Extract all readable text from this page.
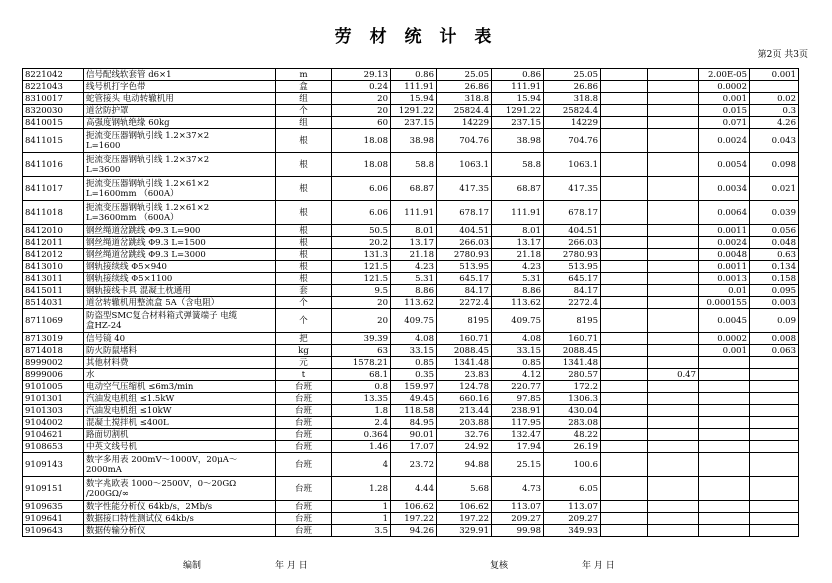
劳 材 统 计 表
第2页 共3页
8221042	信号配线软套管 d6×1	m	29.13	0.86	25.05	0.86	25.05			2.00E-05	0.001
8221043	线号机打字色带	盒	0.24	111.91	26.86	111.91	26.86			0.0002	
8310017	蛇管接头 电动转辙机用	组	20	15.94	318.8	15.94	318.8			0.001	0.02
8320030	道岔防护罩	个	20	1291.22	25824.4	1291.22	25824.4			0.015	0.3
8410015	高强度钢轨绝缘 60kg	组	60	237.15	14229	237.15	14229			0.071	4.26
8411015	扼流变压器钢轨引线 1.2×37×2
L=1600	根	18.08	38.98	704.76	38.98	704.76			0.0024	0.043
8411016	扼流变压器钢轨引线 1.2×37×2
L=3600	根	18.08	58.8	1063.1	58.8	1063.1			0.0054	0.098
8411017	扼流变压器钢轨引线 1.2×61×2
L=1600mm （600A）	根	6.06	68.87	417.35	68.87	417.35			0.0034	0.021
8411018	扼流变压器钢轨引线 1.2×61×2
L=3600mm （600A）	根	6.06	111.91	678.17	111.91	678.17			0.0064	0.039
8412010	钢丝绳道岔跳线 Φ9.3 L=900	根	50.5	8.01	404.51	8.01	404.51			0.0011	0.056
8412011	钢丝绳道岔跳线 Φ9.3 L=1500	根	20.2	13.17	266.03	13.17	266.03			0.0024	0.048
8412012	钢丝绳道岔跳线 Φ9.3 L=3000	根	131.3	21.18	2780.93	21.18	2780.93			0.0048	0.63
8413010	钢轨接续线 Φ5×940	根	121.5	4.23	513.95	4.23	513.95			0.0011	0.134
8413011	钢轨接续线 Φ5×1100	根	121.5	5.31	645.17	5.31	645.17			0.0013	0.158
8415011	钢轨接线卡具 混凝土枕通用	套	9.5	8.86	84.17	8.86	84.17			0.01	0.095
8514031	道岔转辙机用整流盒 5A（含电阻）	个	20	113.62	2272.4	113.62	2272.4			0.000155	0.003
8711069	防盗型SMC复合材料箱式弹簧端子 电缆
盒HZ-24	个	20	409.75	8195	409.75	8195			0.0045	0.09
8713019	信号镜 40	把	39.39	4.08	160.71	4.08	160.71			0.0002	0.008
8714018	防火防鼠堵料	kg	63	33.15	2088.45	33.15	2088.45			0.001	0.063
8999002	其他材料费	元	1578.21	0.85	1341.48	0.85	1341.48				
8999006	水	t	68.1	0.35	23.83	4.12	280.57		0.47		
9101005	电动空气压缩机 ≤6m3/min	台班	0.8	159.97	124.78	220.77	172.2				
9101301	汽油发电机组 ≤1.5kW	台班	13.35	49.45	660.16	97.85	1306.3				
9101303	汽油发电机组 ≤10kW	台班	1.8	118.58	213.44	238.91	430.04				
9104002	混凝土搅拌机 ≤400L	台班	2.4	84.95	203.88	117.95	283.08				
9104621	路面切割机	台班	0.364	90.01	32.76	132.47	48.22				
9108653	中英文线号机	台班	1.46	17.07	24.92	17.94	26.19				
9109143	数字多用表 200mV～1000V，20μA～
2000mA	台班	4	23.72	94.88	25.15	100.6				
9109151	数字兆欧表 1000～2500V，0～20GΩ
/200GΩ/∞	台班	1.28	4.44	5.68	4.73	6.05				
9109635	数字性能分析仪 64kb/s，2Mb/s	台班	1	106.62	106.62	113.07	113.07				
9109641	数据接口特性测试仪 64kb/s	台班	1	197.22	197.22	209.27	209.27				
9109643	数据传输分析仪	台班	3.5	94.26	329.91	99.98	349.93				
编制	年 月 日	复核	年 月 日
